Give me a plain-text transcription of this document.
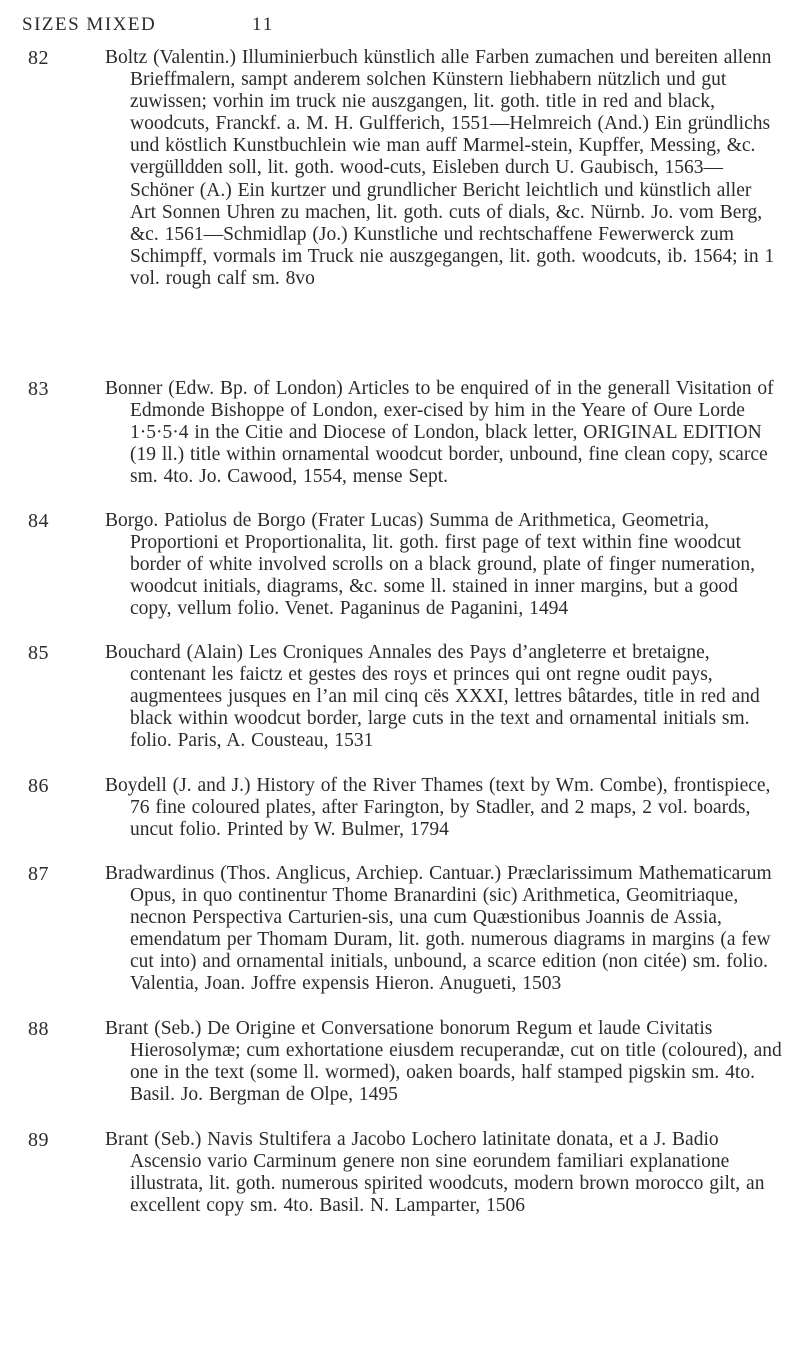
SIZES MIXED	11
82	Boltz (Valentin.) Illuminierbuch künstlich alle Farben zumachen und bereiten allenn Brieffmalern, sampt anderem solchen Künstern liebhabern nützlich und gut zuwissen; vorhin im truck nie auszgangen, lit. goth. title in red and black, woodcuts, Franckf. a. M. H. Gulfferich, 1551—Helmreich (And.) Ein gründlichs und köstlich Kunstbuchlein wie man auff Marmel-stein, Kupffer, Messing, &c. vergülldden soll, lit. goth. wood-cuts, Eisleben durch U. Gaubisch, 1563—Schöner (A.) Ein kurtzer und grundlicher Bericht leichtlich und künstlich aller Art Sonnen Uhren zu machen, lit. goth. cuts of dials, &c. Nürnb. Jo. vom Berg, &c. 1561—Schmidlap (Jo.) Kunstliche und rechtschaffene Fewerwerck zum Schimpff, vormals im Truck nie auszgegangen, lit. goth. woodcuts, ib. 1564; in 1 vol. rough calf sm. 8vo
83	Bonner (Edw. Bp. of London) Articles to be enquired of in the generall Visitation of Edmonde Bishoppe of London, exer-cised by him in the Yeare of Oure Lorde 1·5·5·4 in the Citie and Diocese of London, black letter, ORIGINAL EDITION (19 ll.) title within ornamental woodcut border, unbound, fine clean copy, scarce sm. 4to. Jo. Cawood, 1554, mense Sept.
84	Borgo. Patiolus de Borgo (Frater Lucas) Summa de Arithmetica, Geometria, Proportioni et Proportionalita, lit. goth. first page of text within fine woodcut border of white involved scrolls on a black ground, plate of finger numeration, woodcut initials, diagrams, &c. some ll. stained in inner margins, but a good copy, vellum folio. Venet. Paganinus de Paganini, 1494
85	Bouchard (Alain) Les Croniques Annales des Pays d’angleterre et bretaigne, contenant les faictz et gestes des roys et princes qui ont regne oudit pays, augmentees jusques en l’an mil cinq cës XXXI, lettres bâtardes, title in red and black within woodcut border, large cuts in the text and ornamental initials sm. folio. Paris, A. Cousteau, 1531
86	Boydell (J. and J.) History of the River Thames (text by Wm. Combe), frontispiece, 76 fine coloured plates, after Farington, by Stadler, and 2 maps, 2 vol. boards, uncut folio. Printed by W. Bulmer, 1794
87	Bradwardinus (Thos. Anglicus, Archiep. Cantuar.) Præclarissimum Mathematicarum Opus, in quo continentur Thome Branardini (sic) Arithmetica, Geomitriaque, necnon Perspectiva Carturien-sis, una cum Quæstionibus Joannis de Assia, emendatum per Thomam Duram, lit. goth. numerous diagrams in margins (a few cut into) and ornamental initials, unbound, a scarce edition (non citée) sm. folio. Valentia, Joan. Joffre expensis Hieron. Anugueti, 1503
88	Brant (Seb.) De Origine et Conversatione bonorum Regum et laude Civitatis Hierosolymæ; cum exhortatione eiusdem recuperandæ, cut on title (coloured), and one in the text (some ll. wormed), oaken boards, half stamped pigskin sm. 4to. Basil. Jo. Bergman de Olpe, 1495
89	Brant (Seb.) Navis Stultifera a Jacobo Lochero latinitate donata, et a J. Badio Ascensio vario Carminum genere non sine eorundem familiari explanatione illustrata, lit. goth. numerous spirited woodcuts, modern brown morocco gilt, an excellent copy sm. 4to. Basil. N. Lamparter, 1506
